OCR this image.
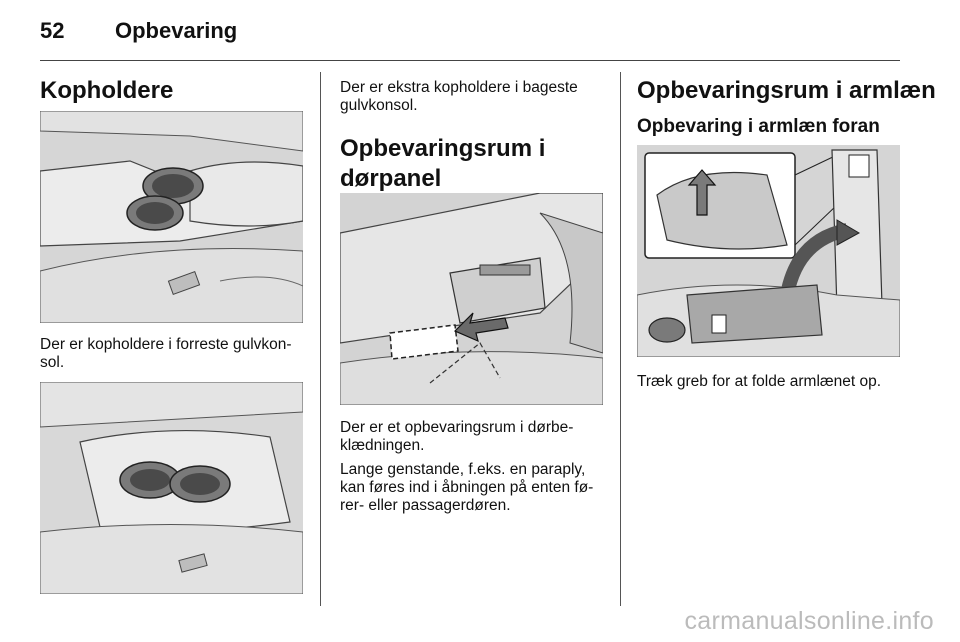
52 Opbevaring
Kopholdere

Der er kopholdere i forreste gulvkon-
sol.

Der er ekstra kopholdere i bageste
gulvkonsol.

Opbevaringsrum i
dørpanel

Der er et opbevaringsrum i dørbe-
klædningen.

Lange genstande, f.eks. en paraply,
kan føres ind i åbningen på enten fø-
rer- eller passagerdøren.

Opbevaringsrum i armlæn
Opbevaring i armlæn foran

Træk greb for at folde armlænet op.

carmanualsonline.info
